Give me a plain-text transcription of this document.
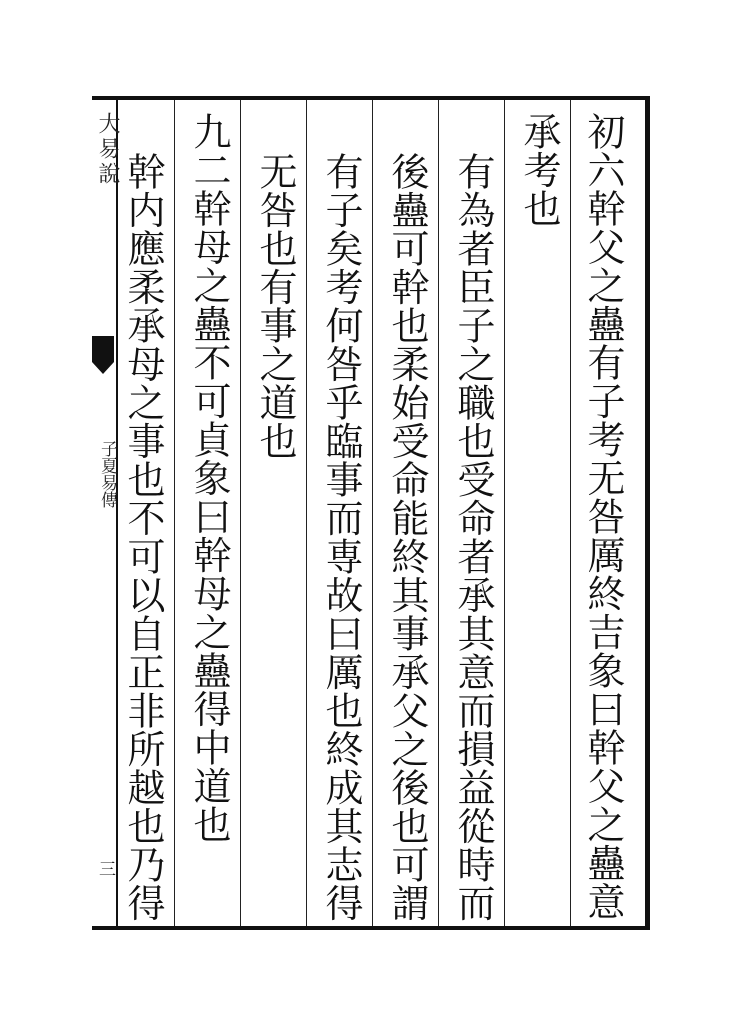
大易說
子夏易傳
三	初六幹父之蠱有子考无咎厲終吉象曰幹父之蠱意
承考也
有為者臣子之職也受命者承其意而損益從時而
後蠱可幹也柔始受命能終其事承父之後也可謂
有子矣考何咎乎臨事而専故曰厲也終成其志得
无咎也有事之道也
九二幹母之蠱不可貞象曰幹母之蠱得中道也
幹内應柔承母之事也不可以自正非所越也乃得
